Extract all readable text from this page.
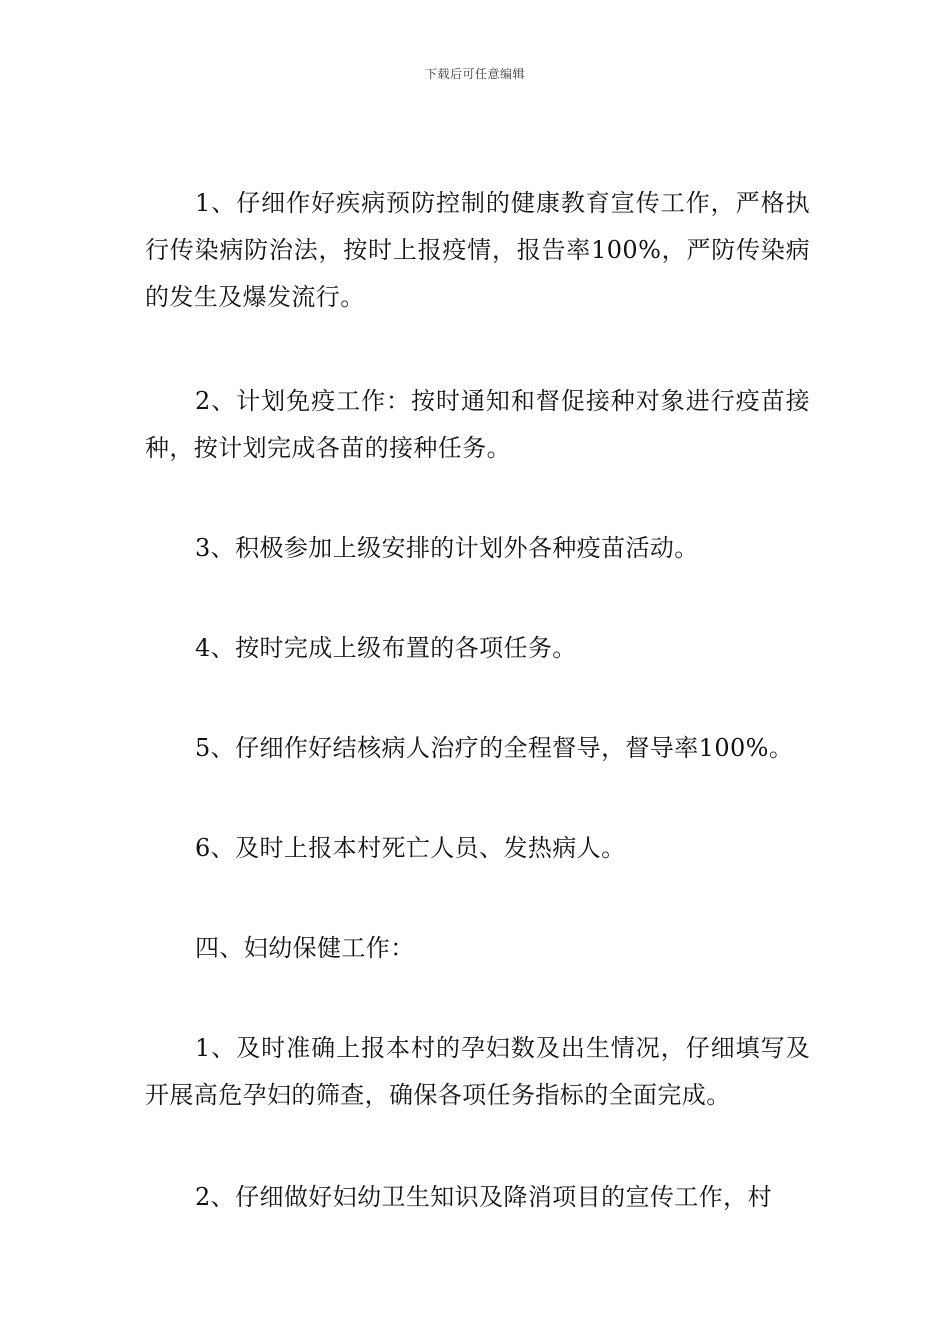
下载后可任意编辑

1、仔细作好疾病预防控制的健康教育宣传工作，严格执行传染病防治法，按时上报疫情，报告率100%，严防传染病的发生及爆发流行。

2、计划免疫工作：按时通知和督促接种对象进行疫苗接种，按计划完成各苗的接种任务。

3、积极参加上级安排的计划外各种疫苗活动。

4、按时完成上级布置的各项任务。

5、仔细作好结核病人治疗的全程督导，督导率100%。

6、及时上报本村死亡人员、发热病人。

四、妇幼保健工作：

1、及时准确上报本村的孕妇数及出生情况，仔细填写及开展高危孕妇的筛查，确保各项任务指标的全面完成。

2、仔细做好妇幼卫生知识及降消项目的宣传工作，村
